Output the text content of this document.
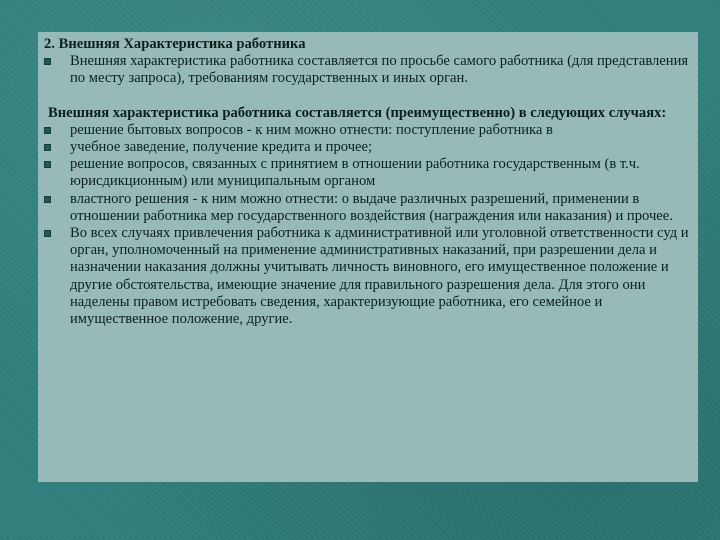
2. Внешняя Характеристика работника

Внешняя характеристика работника составляется по просьбе самого работника (для представления по месту запроса), требованиям государственных и иных орган.

Внешняя характеристика работника составляется (преимущественно) в следующих случаях:

решение бытовых вопросов - к ним можно отнести: поступление работника в
учебное заведение, получение кредита и прочее;
решение вопросов, связанных с принятием в отношении работника государственным (в т.ч. юрисдикционным) или муниципальным органом
властного решения - к ним можно отнести: о выдаче различных разрешений, применении в отношении работника мер государственного воздействия (награждения или наказания) и прочее.
Во всех случаях привлечения работника к административной или уголовной ответственности суд и орган, уполномоченный на применение административных наказаний, при разрешении дела и назначении наказания должны учитывать личность виновного, его имущественное положение и другие обстоятельства, имеющие значение для правильного разрешения дела. Для этого они наделены правом истребовать сведения, характеризующие работника, его семейное и имущественное положение, другие.
